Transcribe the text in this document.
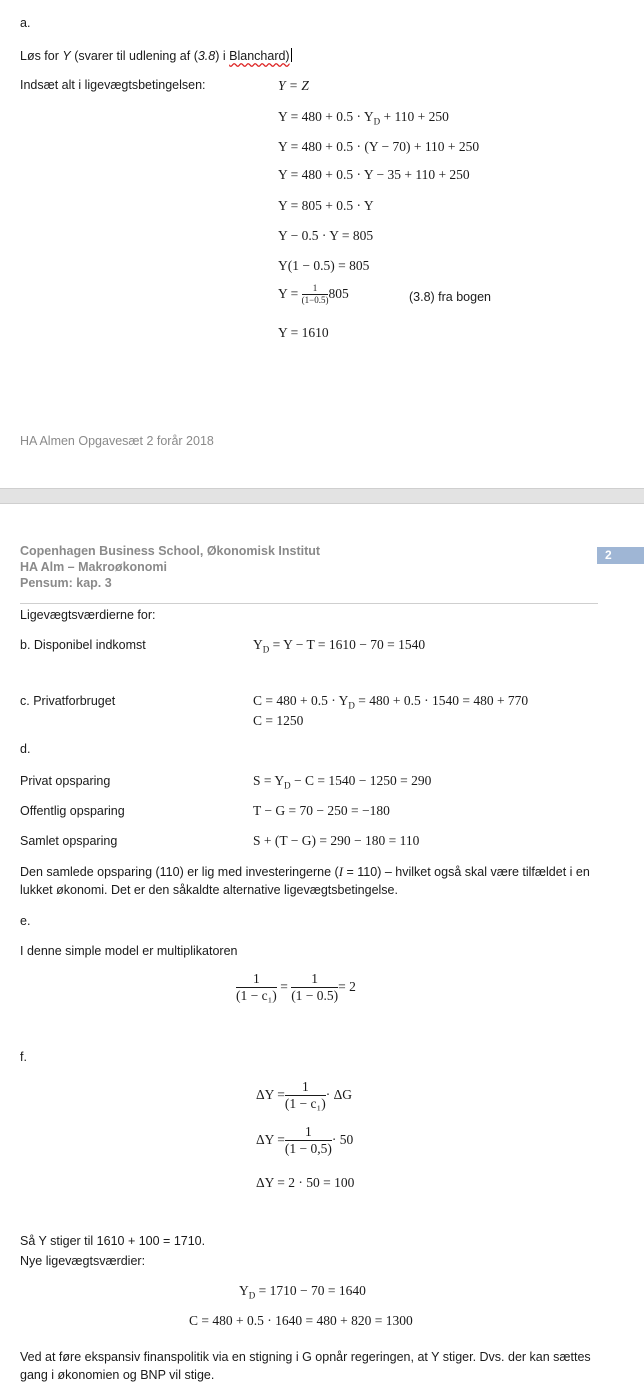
a.
Løs for Y (svarer til udlening af (3.8) i Blanchard)
Indsæt alt i ligevægtsbetingelsen:	Y = Z
$Y = 480 + 0.5 \cdot Y_D + 110 + 250$
Y = 480 + 0.5 · (Y − 70) + 110 + 250
Y = 480 + 0.5 · Y − 35 + 110 + 250
Y = 805 + 0.5 · Y
Y − 0.5 · Y = 805
Y(1 − 0.5) = 805
$Y = \frac{1}{(1-0.5)} 805$	(3.8) fra bogen
Y = 1610
HA Almen Opgavesæt 2 forår 2018
Copenhagen Business School, Økonomisk Institut
HA Alm – Makroøkonomi
Pensum: kap. 3
2
Ligevægtsværdierne for:
b. Disponibel indkomst	$Y_D = Y - T = 1610 - 70 = 1540$
c. Privatforbruget	$C = 480 + 0.5 \cdot Y_D = 480 + 0.5 \cdot 1540 = 480 + 770$
C = 1250
d.
Privat opsparing	$S = Y_D - C = 1540 - 1250 = 290$
Offentlig opsparing	T − G = 70 − 250 = −180
Samlet opsparing	S + (T − G) = 290 − 180 = 110
Den samlede opsparing (110) er lig med investeringerne (I = 110) – hvilket også skal være tilfældet i en lukket økonomi. Det er den såkaldte alternative ligevægtsbetingelse.
e.
I denne simple model er multiplikatoren
$\frac{1}{\text{(1 − c₁)}} = \frac{1}{(1 - 0.5)} = 2$
f.
$\Delta Y = \frac{1}{\text{(1 − c₁)}} \cdot \Delta G$
$\Delta Y = \frac{1}{(1 - 0,5)} \cdot 50$
ΔY = 2 · 50 = 100
Så Y stiger til 1610 + 100 = 1710.
Nye ligevægtsværdier:
$Y_D = 1710 - 70 = 1640$
C = 480 + 0.5 · 1640 = 480 + 820 = 1300
Ved at føre ekspansiv finanspolitik via en stigning i G opnår regeringen, at Y stiger. Dvs. der kan sættes gang i økonomien og BNP vil stige.
